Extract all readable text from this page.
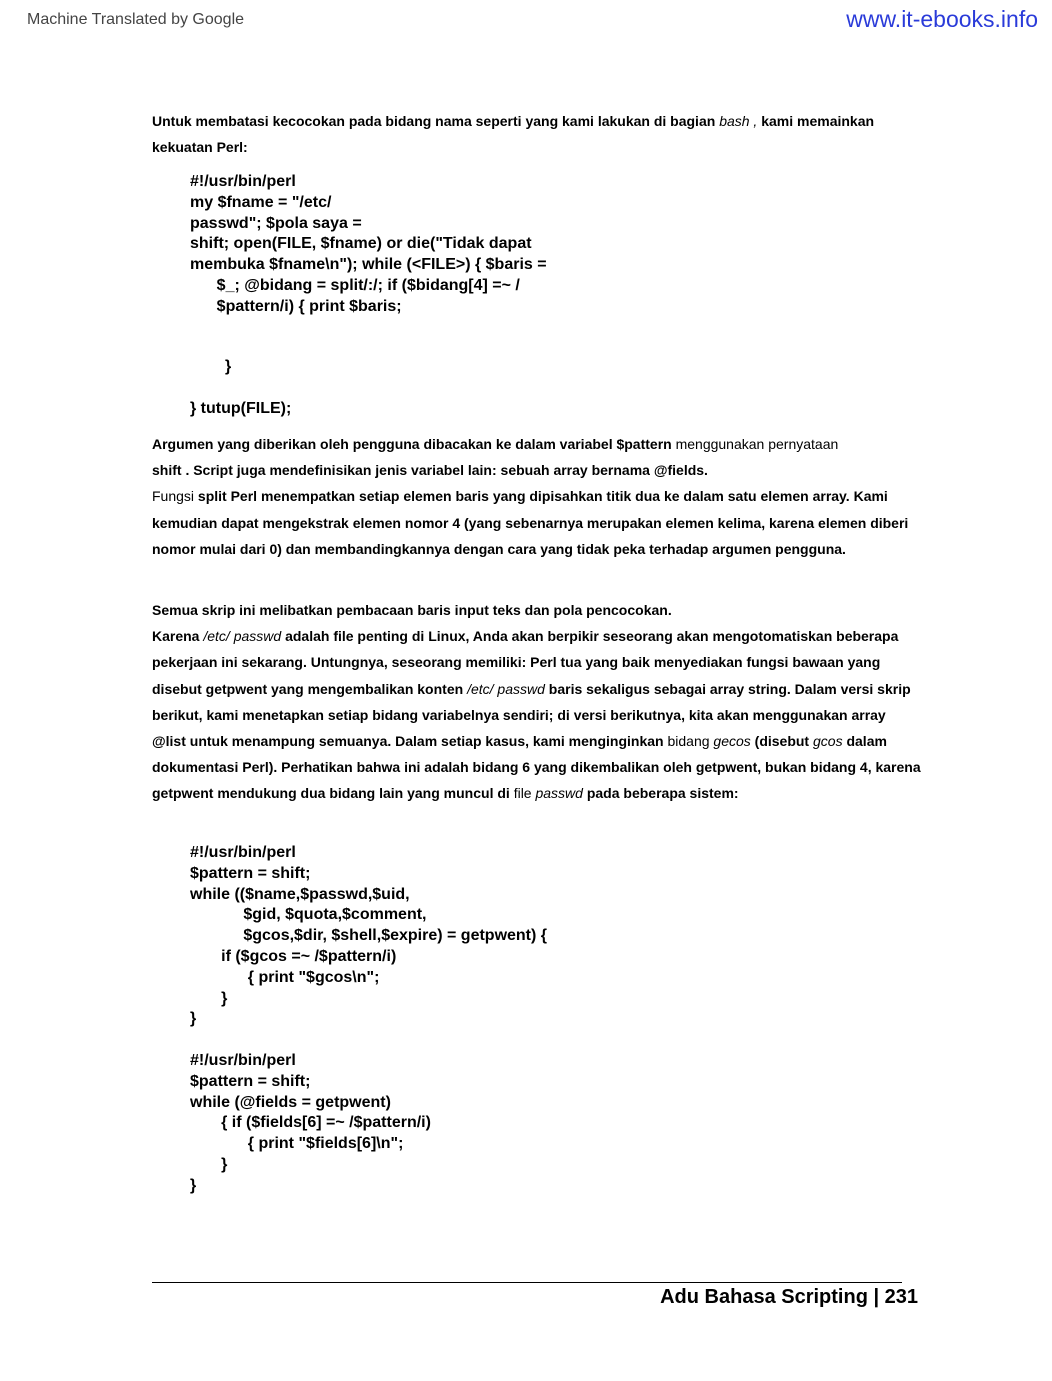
Machine Translated by Google	www.it-ebooks.info

Untuk membatasi kecocokan pada bidang nama seperti yang kami lakukan di bagian bash , kami memainkan kekuatan Perl:

#!/usr/bin/perl
my $fname = "/etc/
passwd"; $pola saya =
shift; open(FILE, $fname) or die("Tidak dapat
membuka $fname\n"); while (<FILE>) { $baris =
$_; @bidang = split/:/; if ($bidang[4] =~ /
$pattern/i) { print $baris;
}
} tutup(FILE);

Argumen yang diberikan oleh pengguna dibacakan ke dalam variabel $pattern menggunakan pernyataan
shift . Script juga mendefinisikan jenis variabel lain: sebuah array bernama @fields.
Fungsi split Perl menempatkan setiap elemen baris yang dipisahkan titik dua ke dalam satu elemen array. Kami kemudian dapat mengekstrak elemen nomor 4 (yang sebenarnya merupakan elemen kelima, karena elemen diberi nomor mulai dari 0) dan membandingkannya dengan cara yang tidak peka terhadap argumen pengguna.

Semua skrip ini melibatkan pembacaan baris input teks dan pola pencocokan.
Karena /etc/ passwd adalah file penting di Linux, Anda akan berpikir seseorang akan mengotomatiskan beberapa pekerjaan ini sekarang. Untungnya, seseorang memiliki: Perl tua yang baik menyediakan fungsi bawaan yang disebut getpwent yang mengembalikan konten /etc/ passwd baris sekaligus sebagai array string. Dalam versi skrip berikut, kami menetapkan setiap bidang variabelnya sendiri; di versi berikutnya, kita akan menggunakan array @list untuk menampung semuanya. Dalam setiap kasus, kami menginginkan bidang gecos (disebut gcos dalam dokumentasi Perl). Perhatikan bahwa ini adalah bidang 6 yang dikembalikan oleh getpwent, bukan bidang 4, karena getpwent mendukung dua bidang lain yang muncul di file passwd pada beberapa sistem:

#!/usr/bin/perl
$pattern = shift;
while (($name,$passwd,$uid,
$gid, $quota,$comment,
$gcos,$dir, $shell,$expire) = getpwent) {
if ($gcos =~ /$pattern/i)
{ print "$gcos\n";
}
}
#!/usr/bin/perl
$pattern = shift;
while (@fields = getpwent)
{ if ($fields[6] =~ /$pattern/i)
{ print "$fields[6]\n";
}
}
Adu Bahasa Scripting | 231
